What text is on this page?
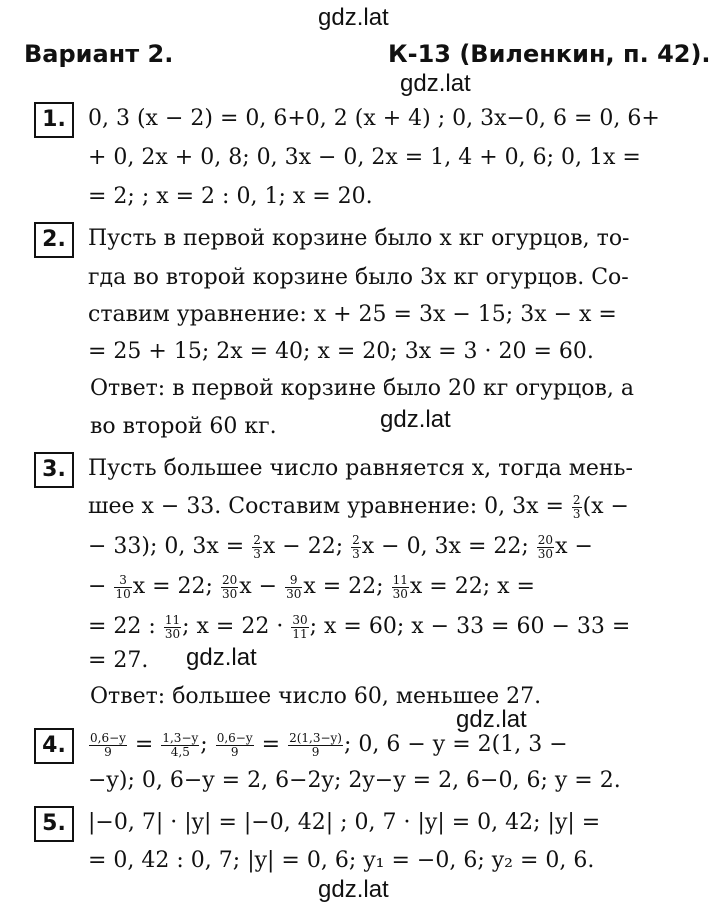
gdz.lat
gdz.lat
gdz.lat
gdz.lat
gdz.lat
gdz.lat
Вариант 2.	К-13 (Виленкин, п. 42).
1.	0, 3 (x − 2) = 0, 6+0, 2 (x + 4) ; 0, 3x−0, 6 = 0, 6+
+ 0, 2x + 0, 8; 0, 3x − 0, 2x = 1, 4 + 0, 6; 0, 1x =
= 2; ; x = 2 : 0, 1; x = 20.
2.	Пусть в первой корзине было x кг огурцов, то-
гда во второй корзине было 3x кг огурцов. Со-
ставим уравнение: x + 25 = 3x − 15; 3x − x =
= 25 + 15; 2x = 40; x = 20; 3x = 3 · 20 = 60.
Ответ: в первой корзине было 20 кг огурцов, а
во второй 60 кг.
3.	Пусть большее число равняется x, тогда мень-
шее x − 33. Составим уравнение: 0, $3x = \frac{2}{3} (x$ −
− 33); 0, $3x = \frac{2}{3}$ x − 22; $\frac{2}{3}$ x − 0, 3x = 22; $\frac{20}{30}$ x −
− $\frac{3}{10}$ x = 22; $\frac{20}{30}$ $x - \frac{9}{30}$ x = 22; $\frac{11}{30}$ x = 22; x =
= 22 : $\frac{11}{30}$ ; $x = 22 \cdot \frac{30}{11}$ ; x = 60; x − 33 = 60 − 33 =
= 27.
Ответ: большее число 60, меньшее 27.
4.	$\frac{0,6-y}{9} = \frac{1,3-y}{4,5}$ ; $\frac{0,6-y}{9} = \frac{2(1,3-y)}{9}$ ; 0, 6 − y = 2(1, 3 −
−y); 0, 6−y = 2, 6−2y; 2y−y = 2, 6−0, 6; y = 2.
5.	|−0, 7| · |y| = |−0, 42| ; 0, 7 · |y| = 0, 42; |y| =
= 0, 42 : 0, 7; |y| = 0, 6; y₁ = −0, 6; y₂ = 0, 6.
